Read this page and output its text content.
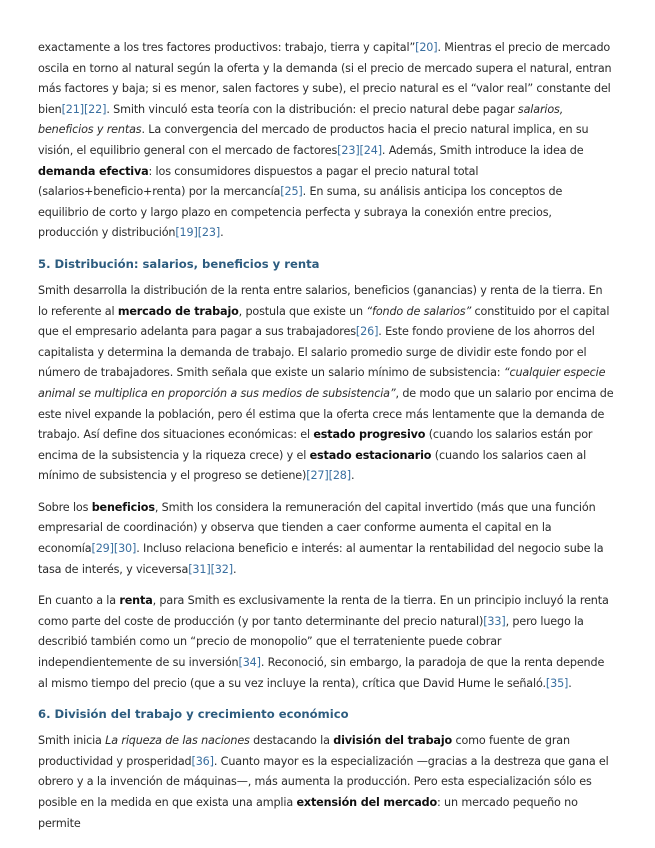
exactamente a los tres factores productivos: trabajo, tierra y capital”[20]. Mientras el precio de mercado oscila en torno al natural según la oferta y la demanda (si el precio de mercado supera el natural, entran más factores y baja; si es menor, salen factores y sube), el precio natural es el “valor real” constante del bien[21][22]. Smith vinculó esta teoría con la distribución: el precio natural debe pagar salarios, beneficios y rentas. La convergencia del mercado de productos hacia el precio natural implica, en su visión, el equilibrio general con el mercado de factores[23][24]. Además, Smith introduce la idea de demanda efectiva: los consumidores dispuestos a pagar el precio natural total (salarios+beneficio+renta) por la mercancía[25]. En suma, su análisis anticipa los conceptos de equilibrio de corto y largo plazo en competencia perfecta y subraya la conexión entre precios, producción y distribución[19][23].

5. Distribución: salarios, beneficios y renta

Smith desarrolla la distribución de la renta entre salarios, beneficios (ganancias) y renta de la tierra. En lo referente al mercado de trabajo, postula que existe un “fondo de salarios” constituido por el capital que el empresario adelanta para pagar a sus trabajadores[26]. Este fondo proviene de los ahorros del capitalista y determina la demanda de trabajo. El salario promedio surge de dividir este fondo por el número de trabajadores. Smith señala que existe un salario mínimo de subsistencia: “cualquier especie animal se multiplica en proporción a sus medios de subsistencia”, de modo que un salario por encima de este nivel expande la población, pero él estima que la oferta crece más lentamente que la demanda de trabajo. Así define dos situaciones económicas: el estado progresivo (cuando los salarios están por encima de la subsistencia y la riqueza crece) y el estado estacionario (cuando los salarios caen al mínimo de subsistencia y el progreso se detiene)[27][28].

Sobre los beneficios, Smith los considera la remuneración del capital invertido (más que una función empresarial de coordinación) y observa que tienden a caer conforme aumenta el capital en la economía[29][30]. Incluso relaciona beneficio e interés: al aumentar la rentabilidad del negocio sube la tasa de interés, y viceversa[31][32].

En cuanto a la renta, para Smith es exclusivamente la renta de la tierra. En un principio incluyó la renta como parte del coste de producción (y por tanto determinante del precio natural)[33], pero luego la describió también como un “precio de monopolio” que el terrateniente puede cobrar independientemente de su inversión[34]. Reconoció, sin embargo, la paradoja de que la renta depende al mismo tiempo del precio (que a su vez incluye la renta), crítica que David Hume le señaló.[35].

6. División del trabajo y crecimiento económico

Smith inicia La riqueza de las naciones destacando la división del trabajo como fuente de gran productividad y prosperidad[36]. Cuanto mayor es la especialización —gracias a la destreza que gana el obrero y a la invención de máquinas—, más aumenta la producción. Pero esta especialización sólo es posible en la medida en que exista una amplia extensión del mercado: un mercado pequeño no permite
